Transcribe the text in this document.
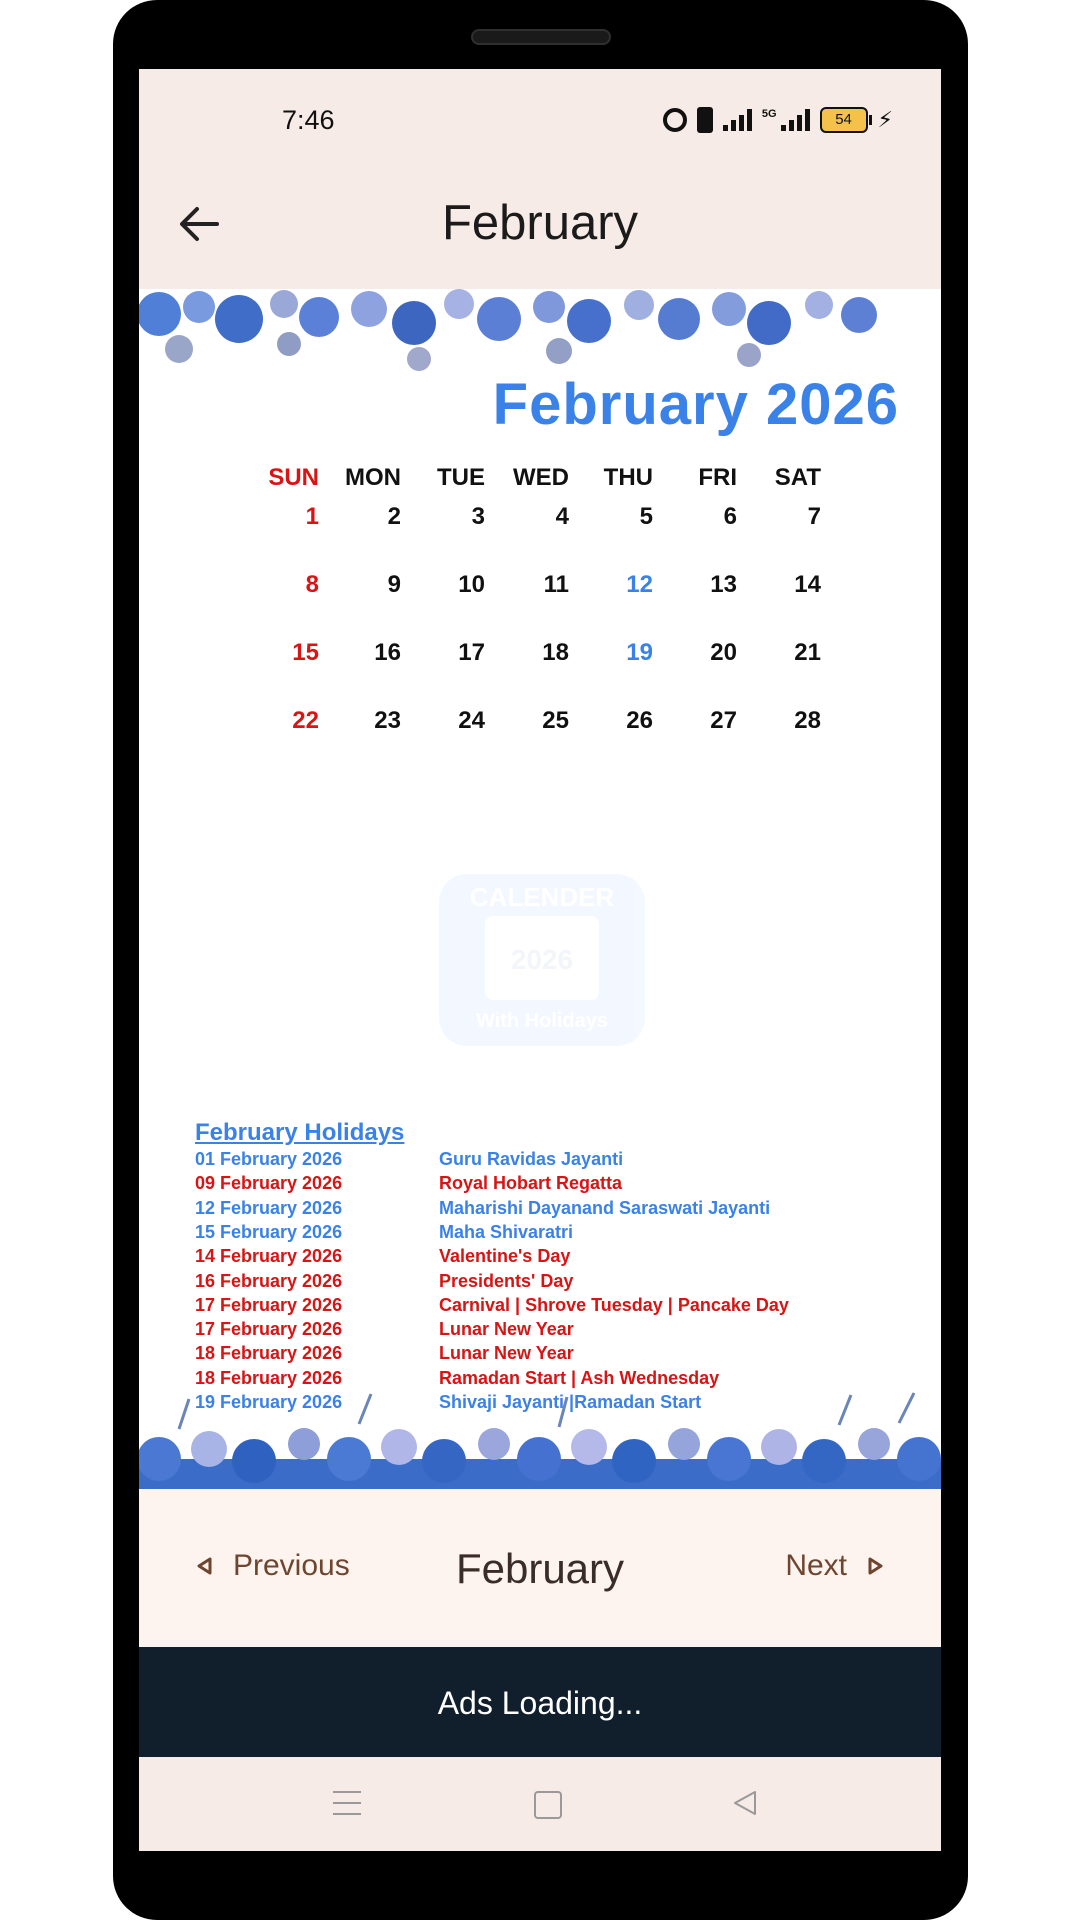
7:46	5G	54	⚡
February
February 2026
SUN	MON	TUE	WED	THU	FRI	SAT
1	2	3	4	5	6	7
8	9	10	11	12	13	14
15	16	17	18	19	20	21
22	23	24	25	26	27	28
CALENDER
2026
With Holidays
February Holidays
01 February 2026	Guru Ravidas Jayanti
09 February 2026	Royal Hobart Regatta
12 February 2026	Maharishi Dayanand Saraswati Jayanti
15 February 2026	Maha Shivaratri
14 February 2026	Valentine's Day
16 February 2026	Presidents' Day
17 February 2026	Carnival | Shrove Tuesday | Pancake Day
17 February 2026	Lunar New Year
18 February 2026	Lunar New Year
18 February 2026	Ramadan Start | Ash Wednesday
19 February 2026	Shivaji Jayanti |Ramadan Start
Previous	February	Next
Ads Loading...
